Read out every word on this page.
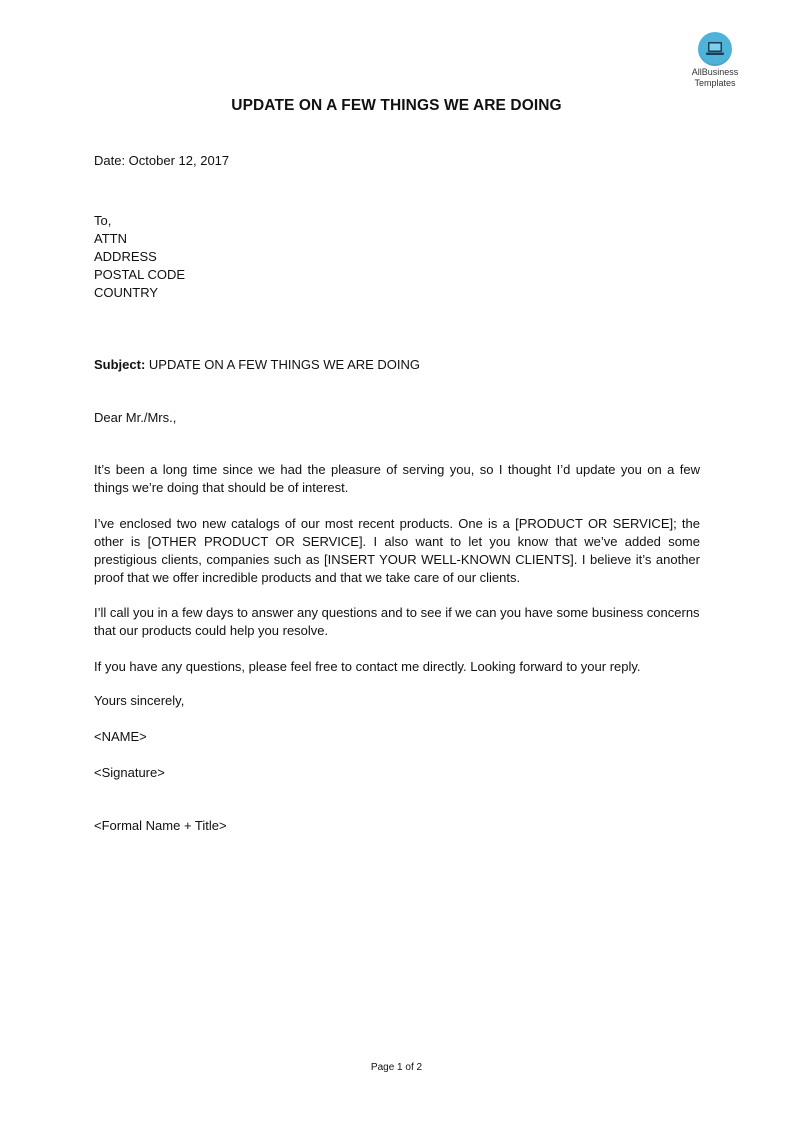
AllBusiness
Templates
UPDATE ON A FEW THINGS WE ARE DOING
Date: October 12, 2017
To,
ATTN
ADDRESS
POSTAL CODE
COUNTRY
Subject: UPDATE ON A FEW THINGS WE ARE DOING
Dear Mr./Mrs.,
It’s been a long time since we had the pleasure of serving you, so I thought I’d update you on a few things we’re doing that should be of interest.
I’ve enclosed two new catalogs of our most recent products. One is a [PRODUCT OR SERVICE]; the other is [OTHER PRODUCT OR SERVICE]. I also want to let you know that we’ve added some prestigious clients, companies such as [INSERT YOUR WELL-KNOWN CLIENTS]. I believe it’s another proof that we offer incredible products and that we take care of our clients.
I’ll call you in a few days to answer any questions and to see if we can you have some business concerns that our products could help you resolve.
If you have any questions, please feel free to contact me directly. Looking forward to your reply.
Yours sincerely,
<NAME>
<Signature>
<Formal Name + Title>
Page 1 of 2
